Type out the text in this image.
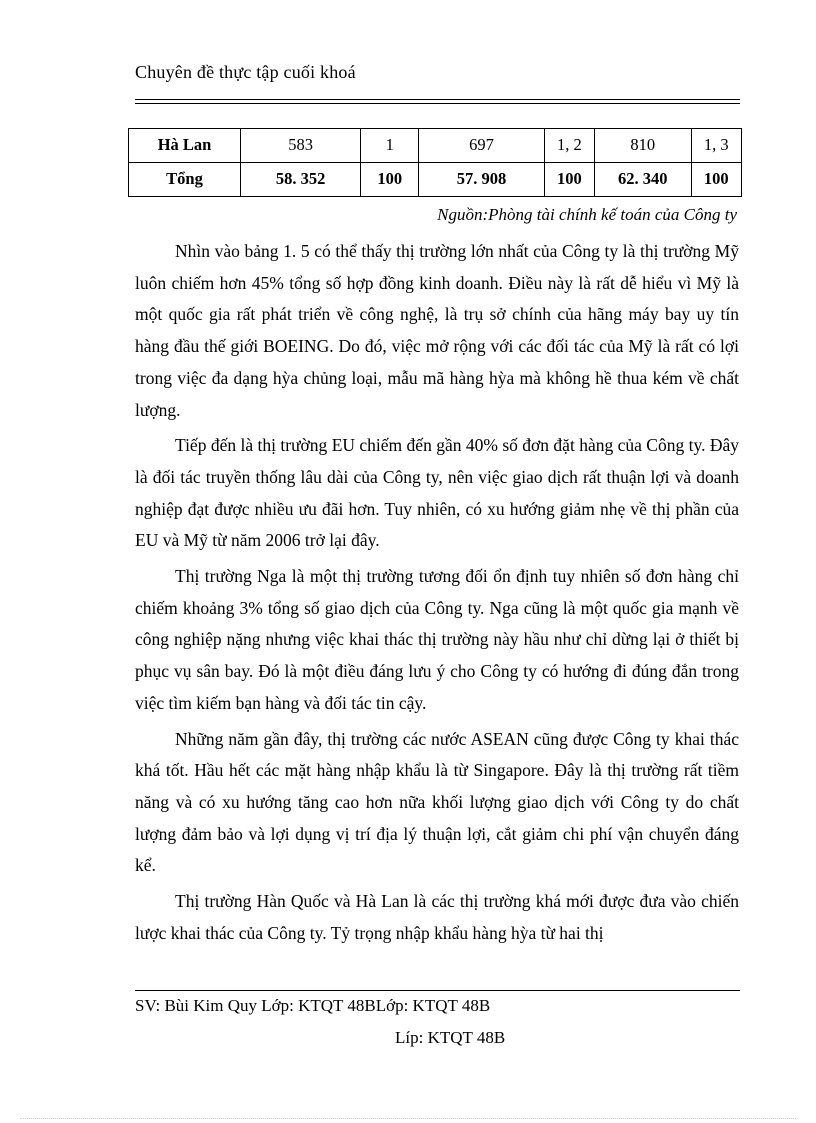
Chuyên đề thực tập cuối khoá
Hà Lan	583	1	697	1, 2	810	1, 3
Tổng	58. 352	100	57. 908	100	62. 340	100
Nguồn:Phòng tài chính kế toán của Công ty

Nhìn vào bảng 1. 5 có thể thấy thị trường lớn nhất của Công ty là thị trường Mỹ luôn chiếm hơn 45% tổng số hợp đồng kinh doanh. Điều này là rất dễ hiểu vì Mỹ là một quốc gia rất phát triển về công nghệ, là trụ sở chính của hãng máy bay uy tín hàng đầu thế giới BOEING. Do đó, việc mở rộng với các đối tác của Mỹ là rất có lợi trong việc đa dạng hỳa chủng loại, mẫu mã hàng hỳa mà không hề thua kém về chất lượng.

Tiếp đến là thị trường EU chiếm đến gần 40% số đơn đặt hàng của Công ty. Đây là đối tác truyền thống lâu dài của Công ty, nên việc giao dịch rất thuận lợi và doanh nghiệp đạt được nhiều ưu đãi hơn. Tuy nhiên, có xu hướng giảm nhẹ về thị phần của EU và Mỹ từ năm 2006 trở lại đây.

Thị trường Nga là một thị trường tương đối ổn định tuy nhiên số đơn hàng chỉ chiếm khoảng 3% tổng số giao dịch của Công ty. Nga cũng là một quốc gia mạnh về công nghiệp nặng nhưng việc khai thác thị trường này hầu như chỉ dừng lại ở thiết bị phục vụ sân bay. Đó là một điều đáng lưu ý cho Công ty có hướng đi đúng đắn trong việc tìm kiếm bạn hàng và đối tác tin cậy.

Những năm gần đây, thị trường các nước ASEAN cũng được Công ty khai thác khá tốt. Hầu hết các mặt hàng nhập khẩu là từ Singapore. Đây là thị trường rất tiềm năng và có xu hướng tăng cao hơn nữa khối lượng giao dịch với Công ty do chất lượng đảm bảo và lợi dụng vị trí địa lý thuận lợi, cắt giảm chi phí vận chuyển đáng kể.

Thị trường Hàn Quốc và Hà Lan là các thị trường khá mới được đưa vào chiến lược khai thác của Công ty. Tỷ trọng nhập khẩu hàng hỳa từ hai thị

SV: Bùi Kim Quy Lớp: KTQT 48BLớp: KTQT 48B
Líp: KTQT 48B
